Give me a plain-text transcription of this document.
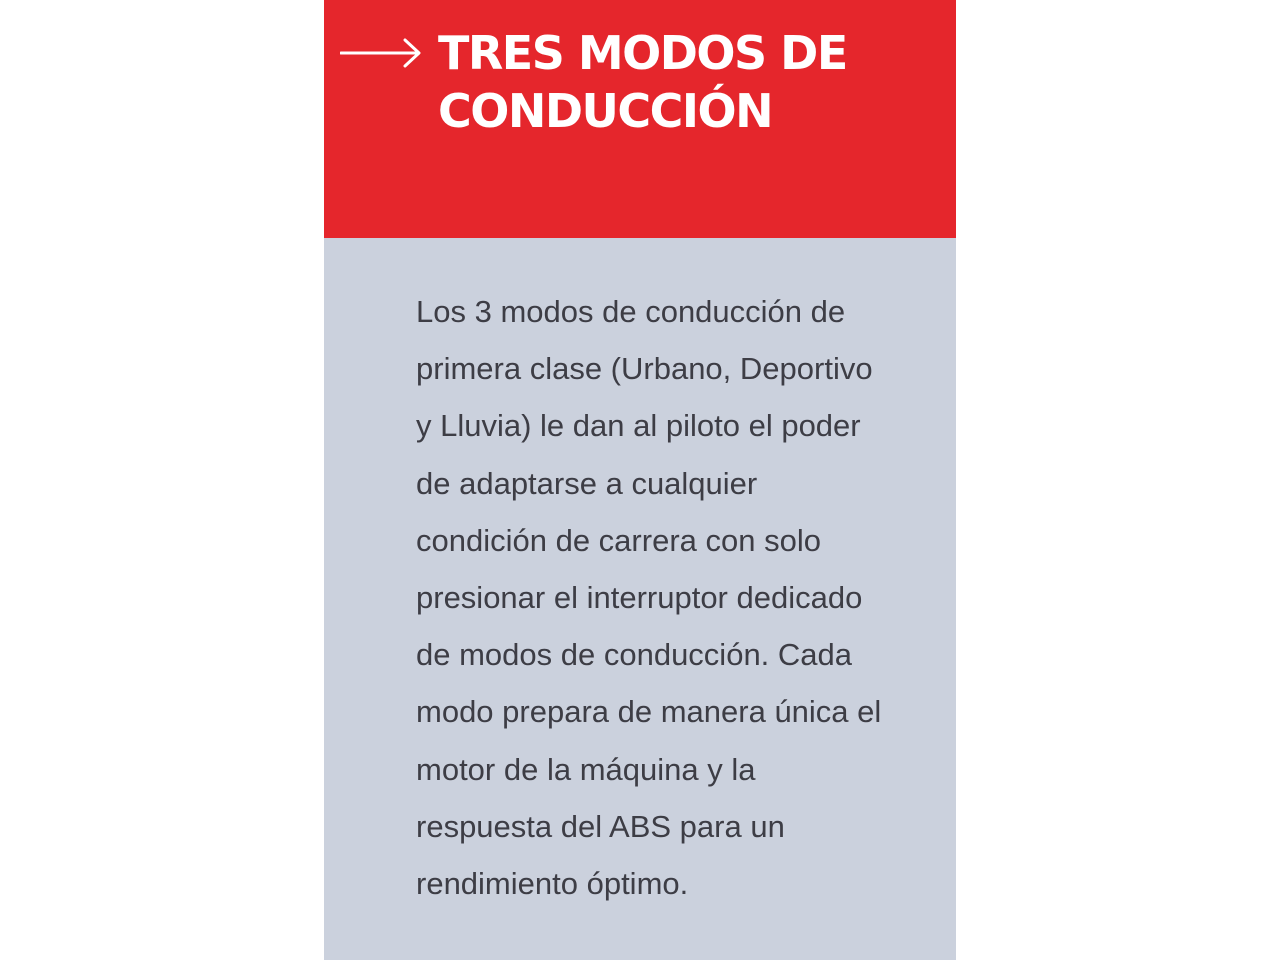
TRES MODOS DE
CONDUCCIÓN

Los 3 modos de conducción de
primera clase (Urbano, Deportivo
y Lluvia) le dan al piloto el poder
de adaptarse a cualquier
condición de carrera con solo
presionar el interruptor dedicado
de modos de conducción. Cada
modo prepara de manera única el
motor de la máquina y la
respuesta del ABS para un
rendimiento óptimo.
